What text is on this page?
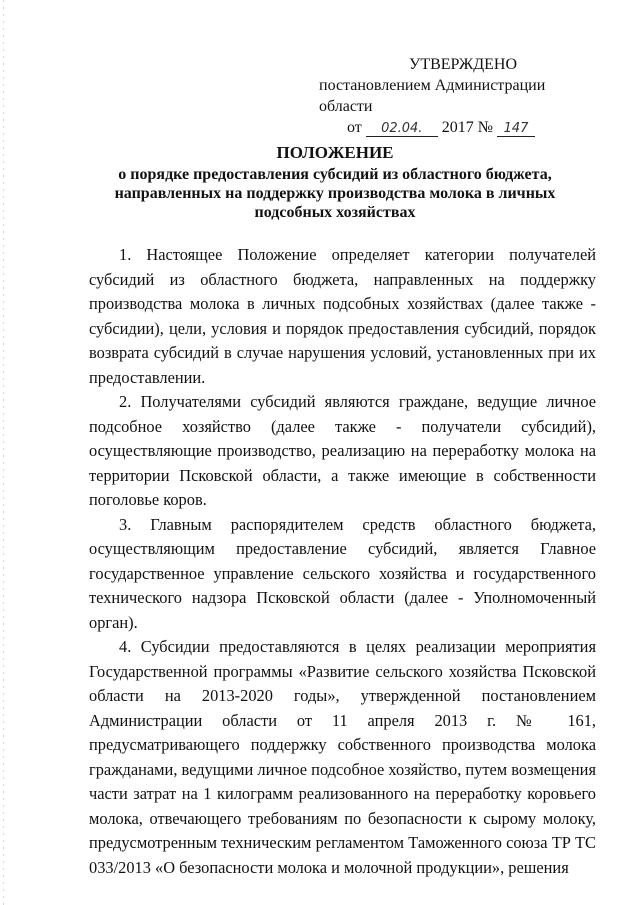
УТВЕРЖДЕНО
постановлением Администрации области
от 02.04. 2017 № 147
ПОЛОЖЕНИЕ
о порядке предоставления субсидий из областного бюджета, направленных на поддержку производства молока в личных подсобных хозяйствах

1. Настоящее Положение определяет категории получателей субсидий из областного бюджета, направленных на поддержку производства молока в личных подсобных хозяйствах (далее также - субсидии), цели, условия и порядок предоставления субсидий, порядок возврата субсидий в случае нарушения условий, установленных при их предоставлении.

2. Получателями субсидий являются граждане, ведущие личное подсобное хозяйство (далее также - получатели субсидий), осуществляющие производство, реализацию на переработку молока на территории Псковской области, а также имеющие в собственности поголовье коров.

3. Главным распорядителем средств областного бюджета, осуществляющим предоставление субсидий, является Главное государственное управление сельского хозяйства и государственного технического надзора Псковской области (далее - Уполномоченный орган).

4. Субсидии предоставляются в целях реализации мероприятия Государственной программы «Развитие сельского хозяйства Псковской области на 2013-2020 годы», утвержденной постановлением Администрации области от 11 апреля 2013 г. № 161, предусматривающего поддержку собственного производства молока гражданами, ведущими личное подсобное хозяйство, путем возмещения части затрат на 1 килограмм реализованного на переработку коровьего молока, отвечающего требованиям по безопасности к сырому молоку, предусмотренным техническим регламентом Таможенного союза ТР ТС 033/2013 «О безопасности молока и молочной продукции», решения
